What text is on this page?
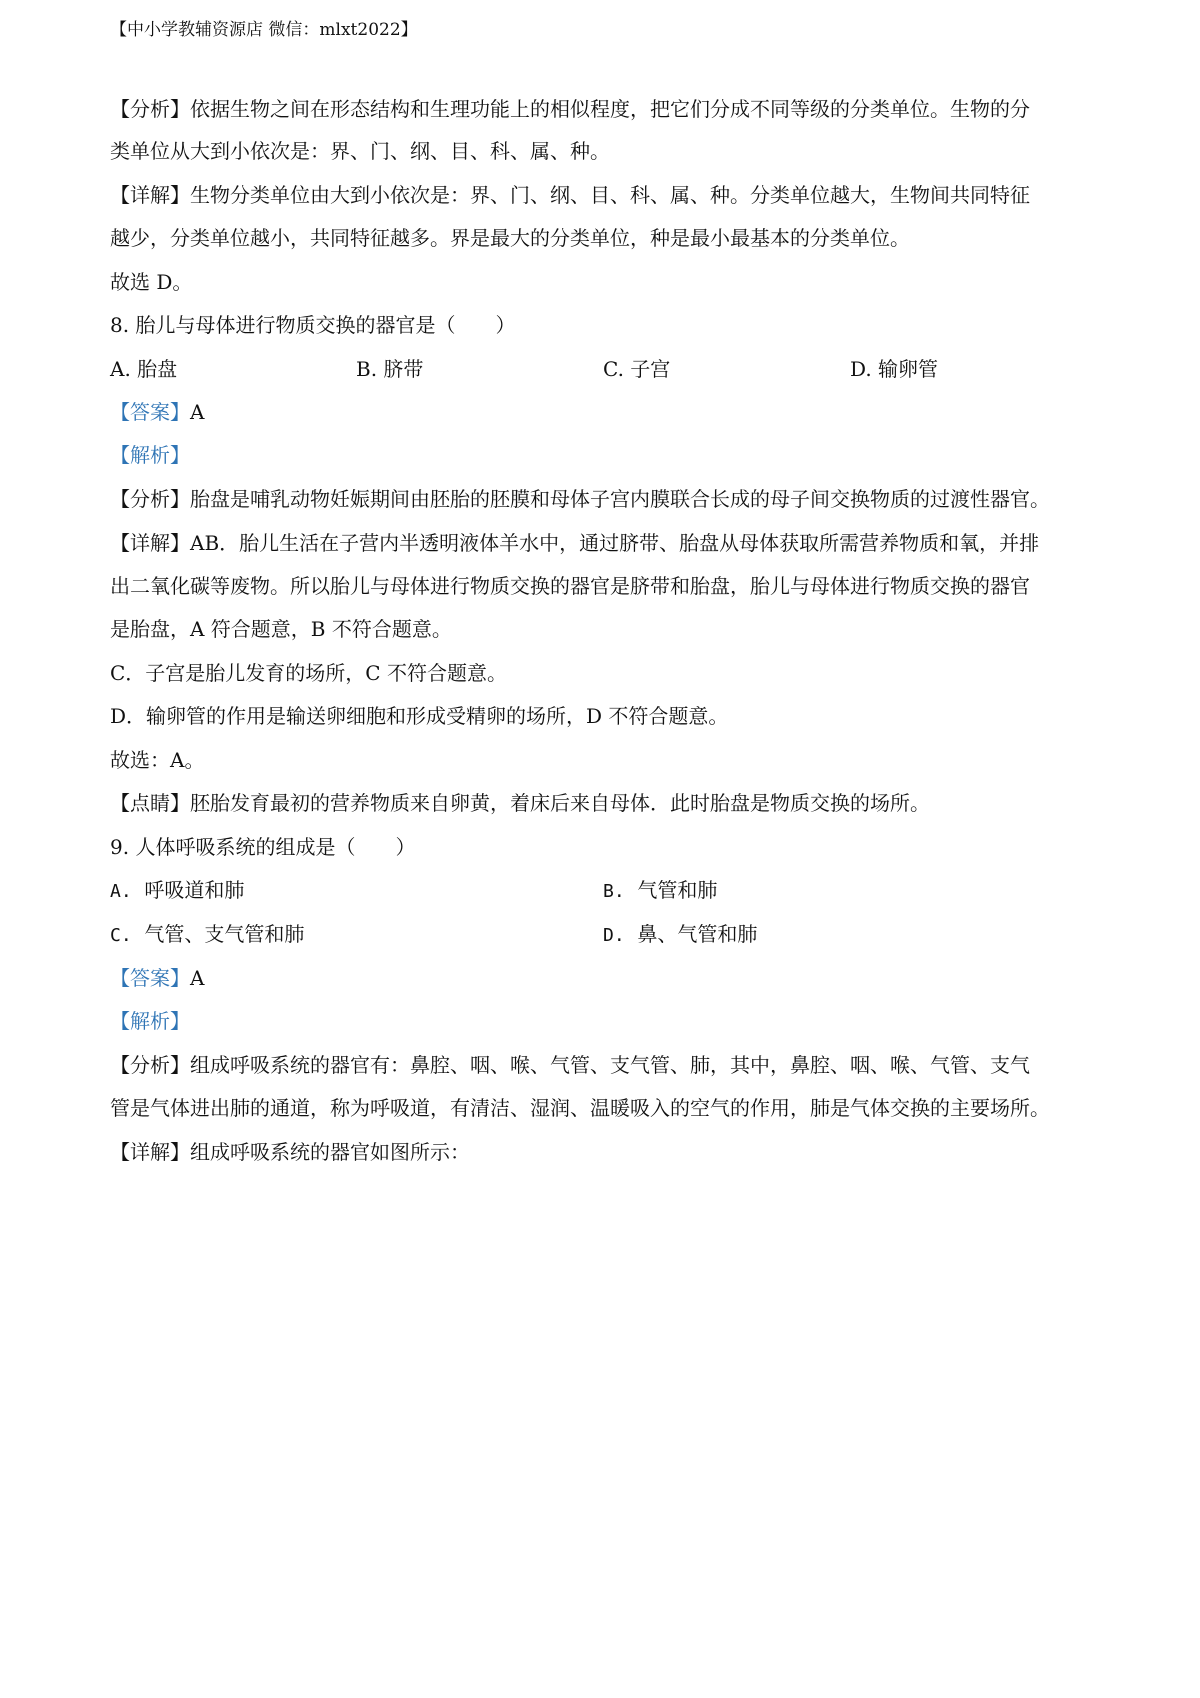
【中小学教辅资源店 微信：mlxt2022】
【分析】依据生物之间在形态结构和生理功能上的相似程度，把它们分成不同等级的分类单位。生物的分
类单位从大到小依次是：界、门、纲、目、科、属、种。
【详解】生物分类单位由大到小依次是：界、门、纲、目、科、属、种。分类单位越大，生物间共同特征
越少，分类单位越小，共同特征越多。界是最大的分类单位，种是最小最基本的分类单位。
故选 D。
8. 胎儿与母体进行物质交换的器官是（　　）
A. 胎盘	B. 脐带	C. 子宫	D. 输卵管
【答案】A
【解析】
【分析】胎盘是哺乳动物妊娠期间由胚胎的胚膜和母体子宫内膜联合长成的母子间交换物质的过渡性器官。
【详解】AB．胎儿生活在子营内半透明液体羊水中，通过脐带、胎盘从母体获取所需营养物质和氧，并排
出二氧化碳等废物。所以胎儿与母体进行物质交换的器官是脐带和胎盘，胎儿与母体进行物质交换的器官
是胎盘，A 符合题意，B 不符合题意。
C．子宫是胎儿发育的场所，C 不符合题意。
D．输卵管的作用是输送卵细胞和形成受精卵的场所，D 不符合题意。
故选：A。
【点睛】胚胎发育最初的营养物质来自卵黄，着床后来自母体．此时胎盘是物质交换的场所。
9. 人体呼吸系统的组成是（　　）
A. 呼吸道和肺	B. 气管和肺
C. 气管、支气管和肺	D. 鼻、气管和肺
【答案】A
【解析】
【分析】组成呼吸系统的器官有：鼻腔、咽、喉、气管、支气管、肺，其中，鼻腔、咽、喉、气管、支气
管是气体进出肺的通道，称为呼吸道，有清洁、湿润、温暖吸入的空气的作用，肺是气体交换的主要场所。
【详解】组成呼吸系统的器官如图所示：
